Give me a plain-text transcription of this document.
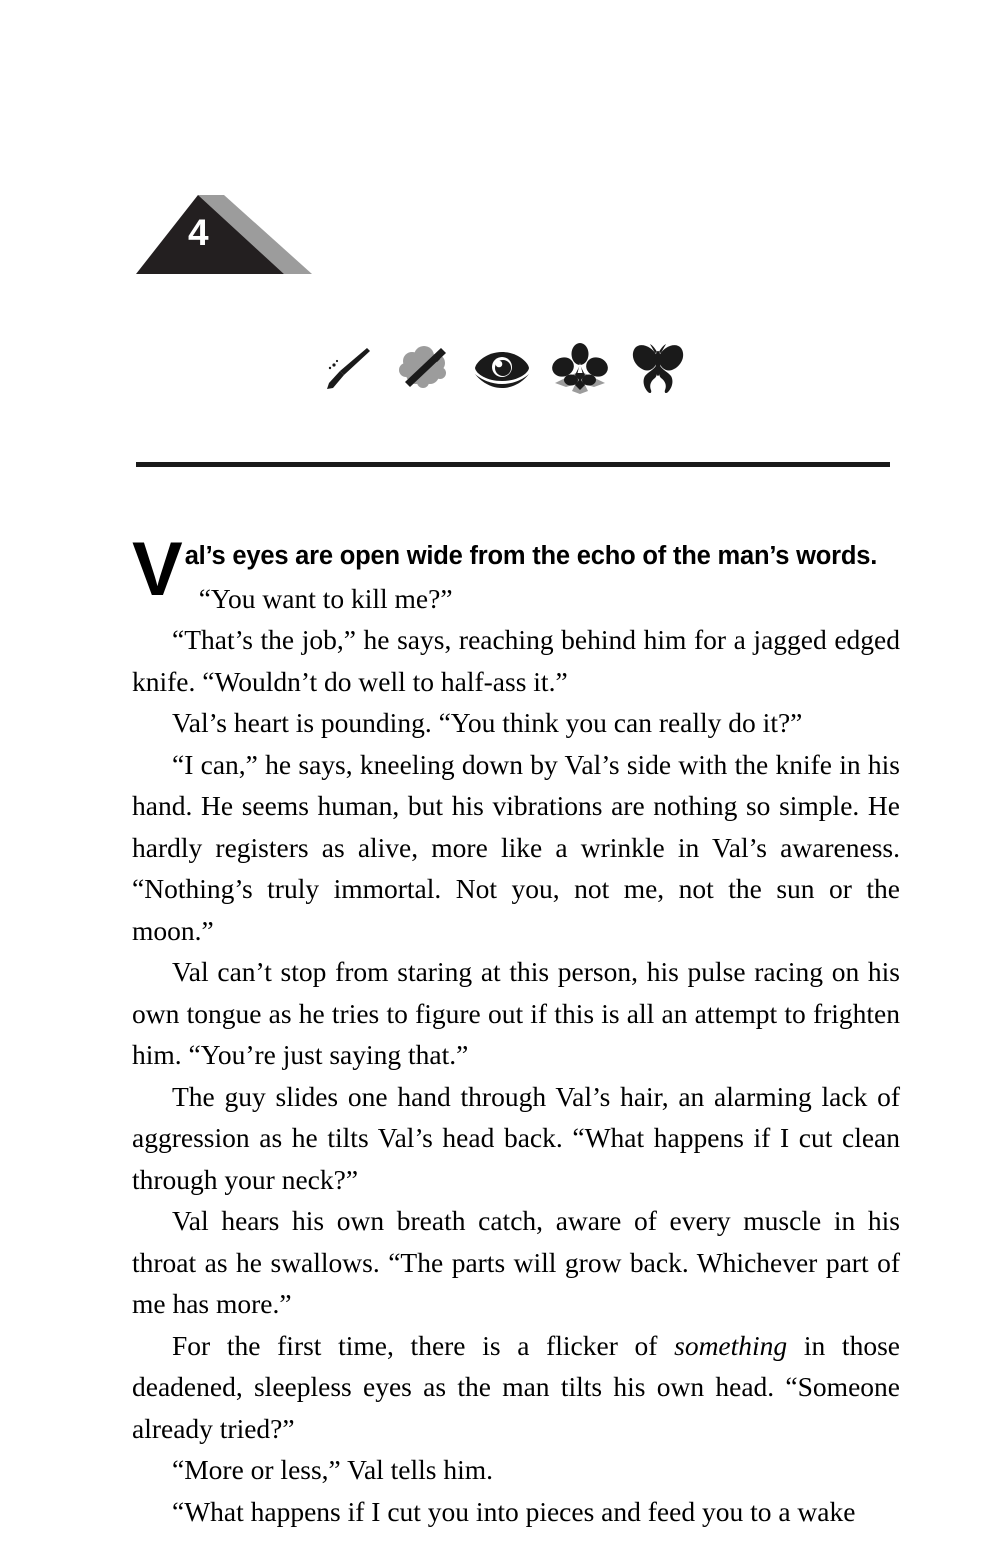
4

Val’s eyes are open wide from the echo of the man’s words.
“You want to kill me?”

“That’s the job,” he says, reaching behind him for a jagged edged knife. “Wouldn’t do well to half-ass it.”

Val’s heart is pounding. “You think you can really do it?”

“I can,” he says, kneeling down by Val’s side with the knife in his hand. He seems human, but his vibrations are nothing so simple. He hardly registers as alive, more like a wrinkle in Val’s awareness. “Nothing’s truly immortal. Not you, not me, not the sun or the moon.”

Val can’t stop from staring at this person, his pulse racing on his own tongue as he tries to figure out if this is all an attempt to frighten him. “You’re just saying that.”

The guy slides one hand through Val’s hair, an alarming lack of aggression as he tilts Val’s head back. “What happens if I cut clean through your neck?”

Val hears his own breath catch, aware of every muscle in his throat as he swallows. “The parts will grow back. Whichever part of me has more.”

For the first time, there is a flicker of something in those deadened, sleepless eyes as the man tilts his own head. “Someone already tried?”

“More or less,” Val tells him.

“What happens if I cut you into pieces and feed you to a wake
